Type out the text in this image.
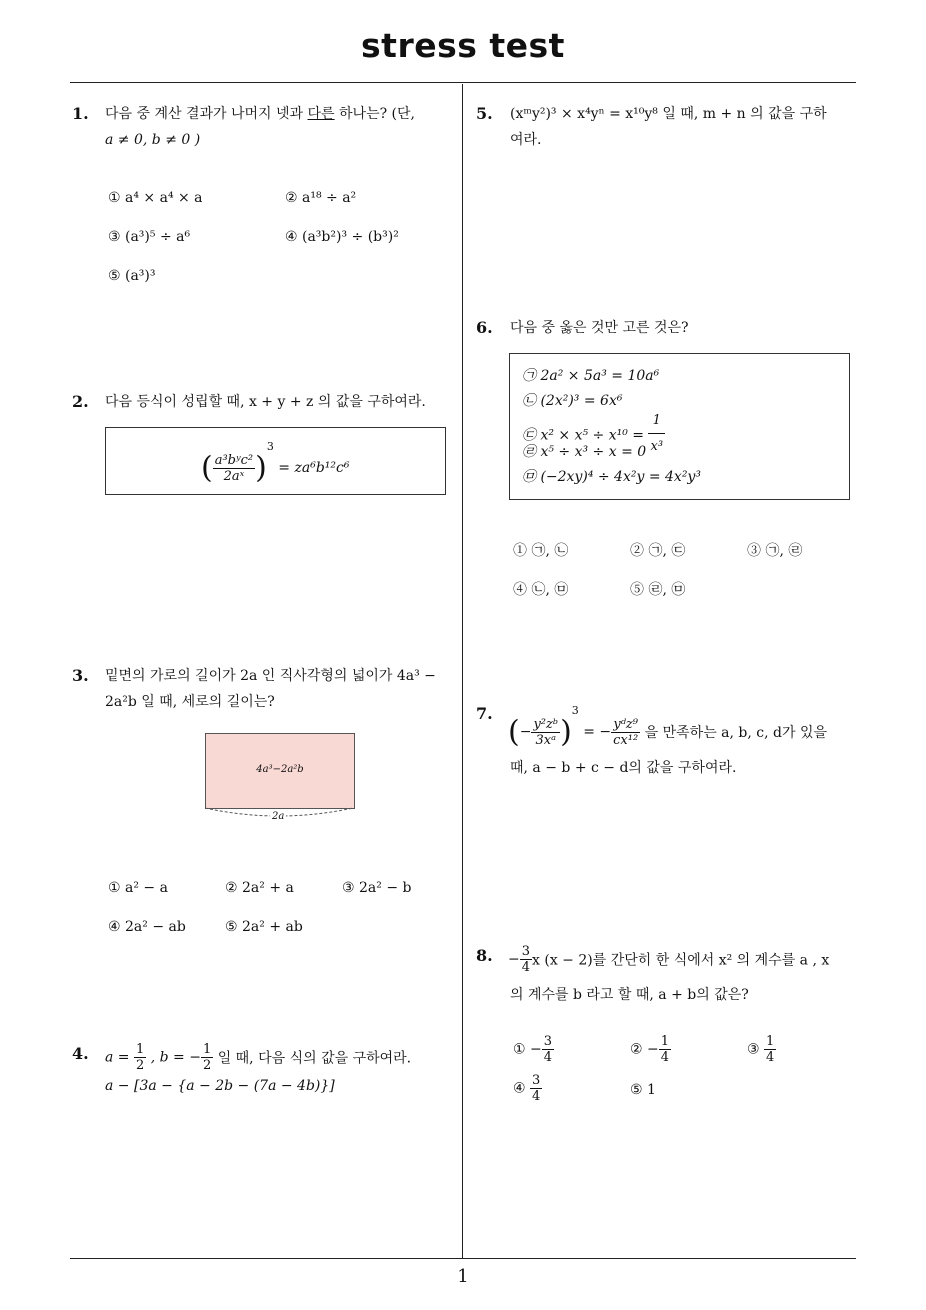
stress test
1
1. 다음 중 계산 결과가 나머지 넷과 다른 하나는? (단,
a ≠ 0, b ≠ 0 )
① a⁴ × a⁴ × a	② a¹⁸ ÷ a²
③ (a³)⁵ ÷ a⁶	④ (a³b²)³ ÷ (b³)²
⑤ (a³)³
2. 다음 등식이 성립할 때, x + y + z 의 값을 구하여라.
( $\frac{\text{a³bʸc²}}{\text{2aˣ}} )^3 = za^6b^{12}c^6$
3. 밑면의 가로의 길이가 2a 인 직사각형의 넓이가 4a³ −
2a²b 일 때, 세로의 길이는?
4a³−2a²b
2a
① a² − a	② 2a² + a	③ 2a² − b
④ 2a² − ab	⑤ 2a² + ab
4. $a = \frac{1}{2}$ , b = − $\frac{1}{2}$ 일 때, 다음 식의 값을 구하여라.
a − [3a − {a − 2b − (7a − 4b)}]
5. (xᵐy²)³ × x⁴yⁿ = x¹⁰y⁸ 일 때, m + n 의 값을 구하
여라.
6. 다음 중 옳은 것만 고른 것은?
㉠ 2a² × 5a³ = 10a⁶
㉡ (2x²)³ = 6x⁶
㉢ $x^2 \times x^5 \div x^{10} = \frac{1}{\text{x³}}$
㉣ x⁵ ÷ x³ ÷ x = 0
㉤ (−2xy)⁴ ÷ 4x²y = 4x²y³
① ㉠, ㉡	② ㉠, ㉢	③ ㉠, ㉣
④ ㉡, ㉤	⑤ ㉣, ㉤
7.
(− $\frac{\text{y²zᵇ}}{\text{3xᵃ}} )^3$ = − $\frac{\text{yᵈz⁹}}{\text{cx¹²}}$ 을 만족하는 a, b, c, d가 있을
때, a − b + c − d의 값을 구하여라.
8. − $\frac{3}{4}$ x (x − 2)를 간단히 한 식에서 x² 의 계수를 a , x
의 계수를 b 라고 할 때, a + b의 값은?
① − $\frac{3}{4}$	② − $\frac{1}{4}$	③ $\frac{1}{4}$
④ $\frac{3}{4}$	⑤ 1
